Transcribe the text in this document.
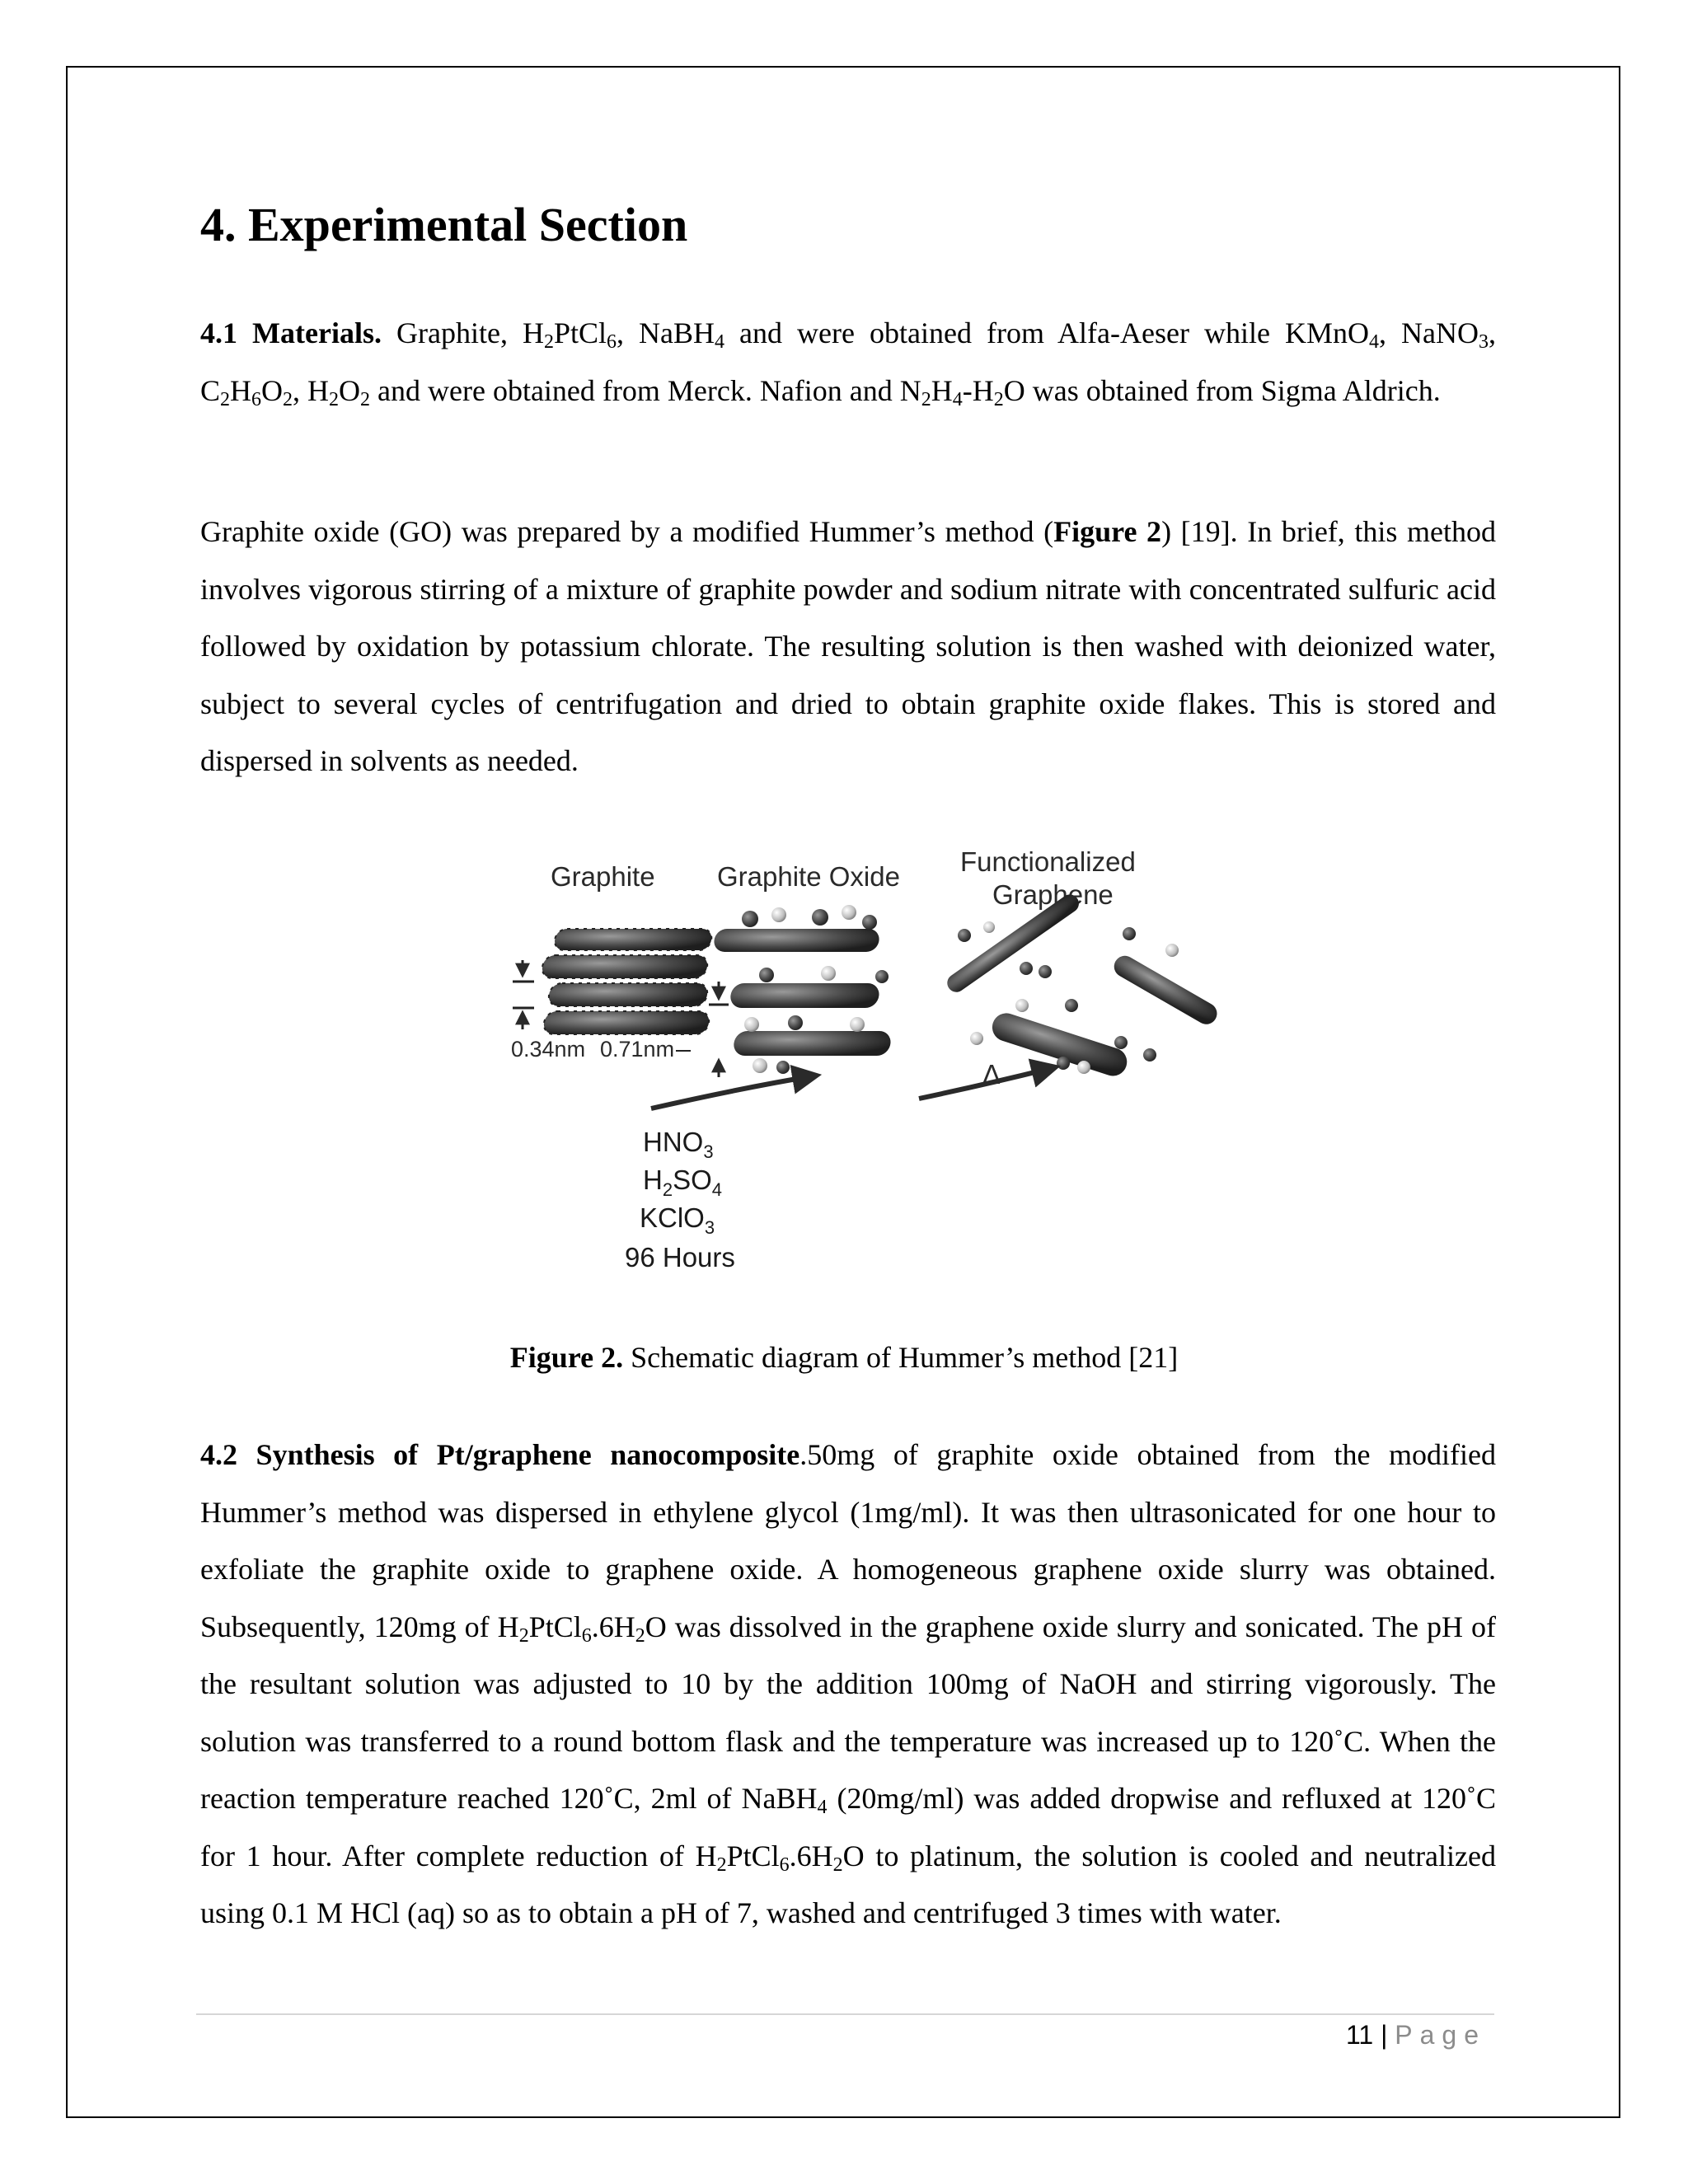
4. Experimental Section

4.1 Materials. Graphite, $H_2PtCl_6$, NaBH$_4$ and were obtained from Alfa-Aeser while KMnO$_4$, NaNO$_3$, $C_2H_6O_2$, $H_2O_2$ and were obtained from Merck. Nafion and $N_2H_4-H_2O$ was obtained from Sigma Aldrich.

Graphite oxide (GO) was prepared by a modified Hummer’s method (Figure 2) [19]. In brief, this method involves vigorous stirring of a mixture of graphite powder and sodium nitrate with concentrated sulfuric acid followed by oxidation by potassium chlorate. The resulting solution is then washed with deionized water, subject to several cycles of centrifugation and dried to obtain graphite oxide flakes. This is stored and dispersed in solvents as needed.

Graphite Graphite Oxide Functionalized
Graphene
0.34nm 0.71nm
Δ
$HNO_3$
$H_2SO_4$
KClO$_3$
96 Hours
Figure 2. Schematic diagram of Hummer’s method [21]

4.2 Synthesis of Pt/graphene nanocomposite.50mg of graphite oxide obtained from the modified Hummer’s method was dispersed in ethylene glycol (1mg/ml). It was then ultrasonicated for one hour to exfoliate the graphite oxide to graphene oxide. A homogeneous graphene oxide slurry was obtained. Subsequently, 120mg of $H_2PtCl_6.6H_2O$ was dissolved in the graphene oxide slurry and sonicated. The pH of the resultant solution was adjusted to 10 by the addition 100mg of NaOH and stirring vigorously. The solution was transferred to a round bottom flask and the temperature was increased up to 120˚C. When the reaction temperature reached 120˚C, 2ml of NaBH$_4$ (20mg/ml) was added dropwise and refluxed at 120˚C for 1 hour. After complete reduction of $H_2PtCl_6.6H_2O$ to platinum, the solution is cooled and neutralized using 0.1 M HCl (aq) so as to obtain a pH of 7, washed and centrifuged 3 times with water.

11 | Page
